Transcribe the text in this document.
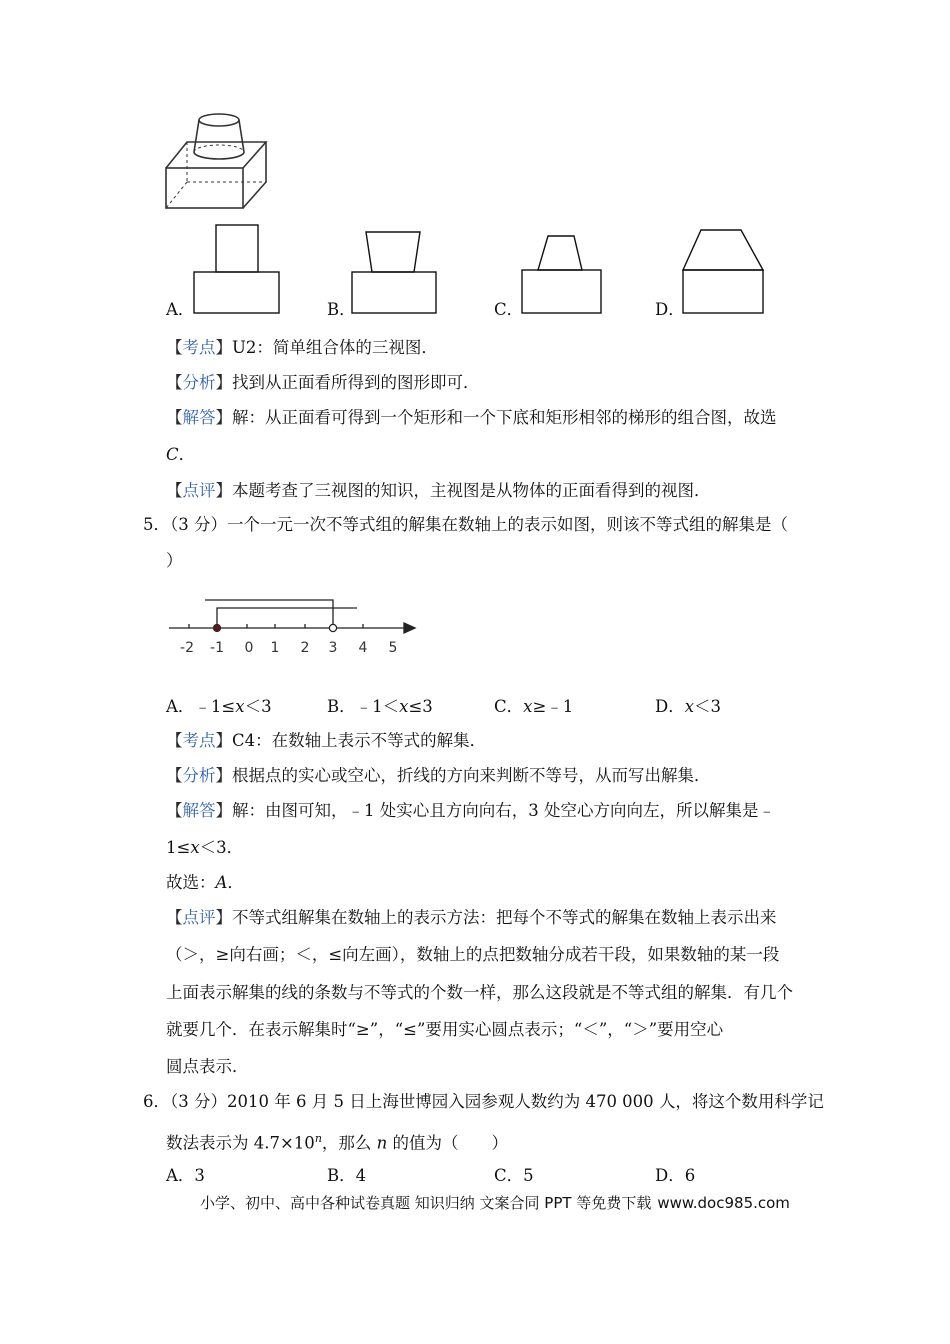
A．	B．	C．	D．
【考点】U2：简单组合体的三视图．
【分析】找到从正面看所得到的图形即可．
【解答】解：从正面看可得到一个矩形和一个下底和矩形相邻的梯形的组合图，故选
C．
【点评】本题考查了三视图的知识，主视图是从物体的正面看得到的视图．
5．（3 分）一个一元一次不等式组的解集在数轴上的表示如图，则该不等式组的解集是（
）
-2 -1 0 1 2 3 4 5
A．﹣1≤x＜3	B．﹣1＜x≤3	C．x≥﹣1	D．x＜3
【考点】C4：在数轴上表示不等式的解集．
【分析】根据点的实心或空心，折线的方向来判断不等号，从而写出解集．
【解答】解：由图可知，﹣1 处实心且方向向右，3 处空心方向向左，所以解集是﹣
1≤x＜3．
故选：A．
【点评】不等式组解集在数轴上的表示方法：把每个不等式的解集在数轴上表示出来
（＞，≥向右画；＜，≤向左画），数轴上的点把数轴分成若干段，如果数轴的某一段
上面表示解集的线的条数与不等式的个数一样，那么这段就是不等式组的解集．有几个
就要几个．在表示解集时“≥”，“≤”要用实心圆点表示；“＜”，“＞”要用空心
圆点表示．
6．（3 分）2010 年 6 月 5 日上海世博园入园参观人数约为 470 000 人，将这个数用科学记
数法表示为 $4.7\times 10^n$，那么 n 的值为（　　）
A．3	B．4	C．5	D．6
小学、初中、高中各种试卷真题 知识归纳 文案合同 PPT 等免费下载 www.doc985.com
